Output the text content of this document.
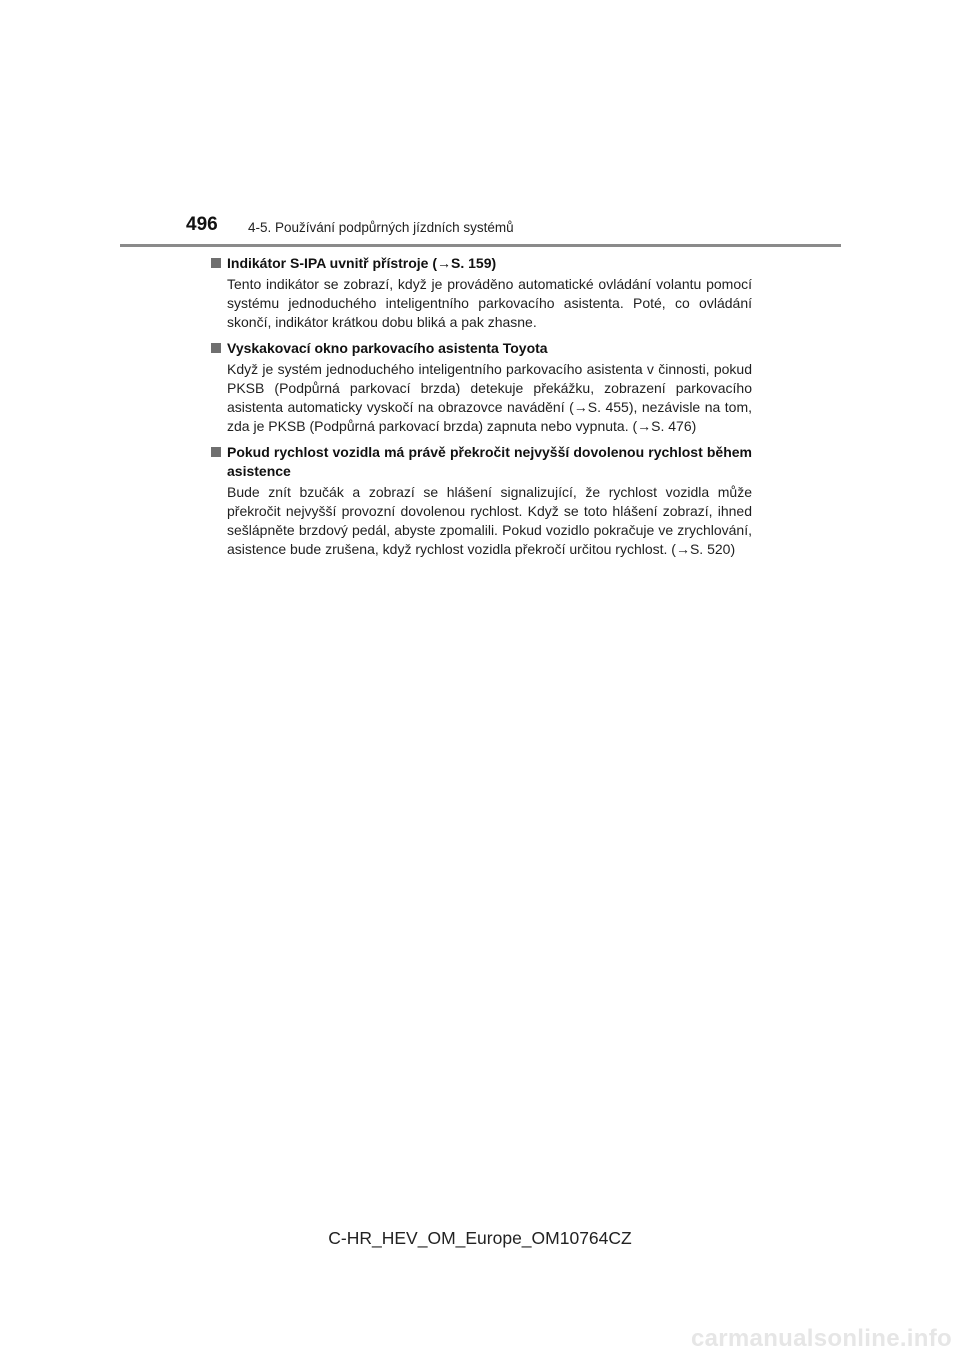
496 4-5. Používání podpůrných jízdních systémů
Indikátor S-IPA uvnitř přístroje (→S. 159)
Tento indikátor se zobrazí, když je prováděno automatické ovládání volantu pomocí systému jednoduchého inteligentního parkovacího asistenta. Poté, co ovládání skončí, indikátor krátkou dobu bliká a pak zhasne.
Vyskakovací okno parkovacího asistenta Toyota
Když je systém jednoduchého inteligentního parkovacího asistenta v činnosti, pokud PKSB (Podpůrná parkovací brzda) detekuje překážku, zobrazení parkovacího asistenta automaticky vyskočí na obrazovce navádění (→S. 455), nezávisle na tom, zda je PKSB (Podpůrná parkovací brzda) zapnuta nebo vypnuta. (→S. 476)
Pokud rychlost vozidla má právě překročit nejvyšší dovolenou rychlost během asistence
Bude znít bzučák a zobrazí se hlášení signalizující, že rychlost vozidla může překročit nejvyšší provozní dovolenou rychlost. Když se toto hlášení zobrazí, ihned sešlápněte brzdový pedál, abyste zpomalili. Pokud vozidlo pokračuje ve zrychlování, asistence bude zrušena, když rychlost vozidla překročí určitou rychlost. (→S. 520)
C-HR_HEV_OM_Europe_OM10764CZ
carmanualsonline.info
